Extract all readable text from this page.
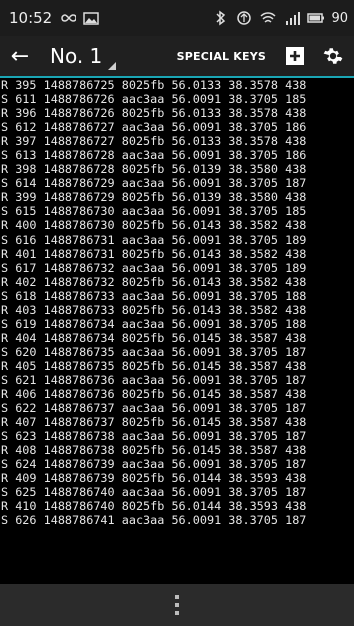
10:52	90
←	No. 1	SPECIAL KEYS
R 395 1488786725 8025fb 56.0133 38.3578 438
S 611 1488786726 aac3aa 56.0091 38.3705 185
R 396 1488786726 8025fb 56.0133 38.3578 438
S 612 1488786727 aac3aa 56.0091 38.3705 186
R 397 1488786727 8025fb 56.0133 38.3578 438
S 613 1488786728 aac3aa 56.0091 38.3705 186
R 398 1488786728 8025fb 56.0139 38.3580 438
S 614 1488786729 aac3aa 56.0091 38.3705 187
R 399 1488786729 8025fb 56.0139 38.3580 438
S 615 1488786730 aac3aa 56.0091 38.3705 185
R 400 1488786730 8025fb 56.0143 38.3582 438
S 616 1488786731 aac3aa 56.0091 38.3705 189
R 401 1488786731 8025fb 56.0143 38.3582 438
S 617 1488786732 aac3aa 56.0091 38.3705 189
R 402 1488786732 8025fb 56.0143 38.3582 438
S 618 1488786733 aac3aa 56.0091 38.3705 188
R 403 1488786733 8025fb 56.0143 38.3582 438
S 619 1488786734 aac3aa 56.0091 38.3705 188
R 404 1488786734 8025fb 56.0145 38.3587 438
S 620 1488786735 aac3aa 56.0091 38.3705 187
R 405 1488786735 8025fb 56.0145 38.3587 438
S 621 1488786736 aac3aa 56.0091 38.3705 187
R 406 1488786736 8025fb 56.0145 38.3587 438
S 622 1488786737 aac3aa 56.0091 38.3705 187
R 407 1488786737 8025fb 56.0145 38.3587 438
S 623 1488786738 aac3aa 56.0091 38.3705 187
R 408 1488786738 8025fb 56.0145 38.3587 438
S 624 1488786739 aac3aa 56.0091 38.3705 187
R 409 1488786739 8025fb 56.0144 38.3593 438
S 625 1488786740 aac3aa 56.0091 38.3705 187
R 410 1488786740 8025fb 56.0144 38.3593 438
S 626 1488786741 aac3aa 56.0091 38.3705 187
